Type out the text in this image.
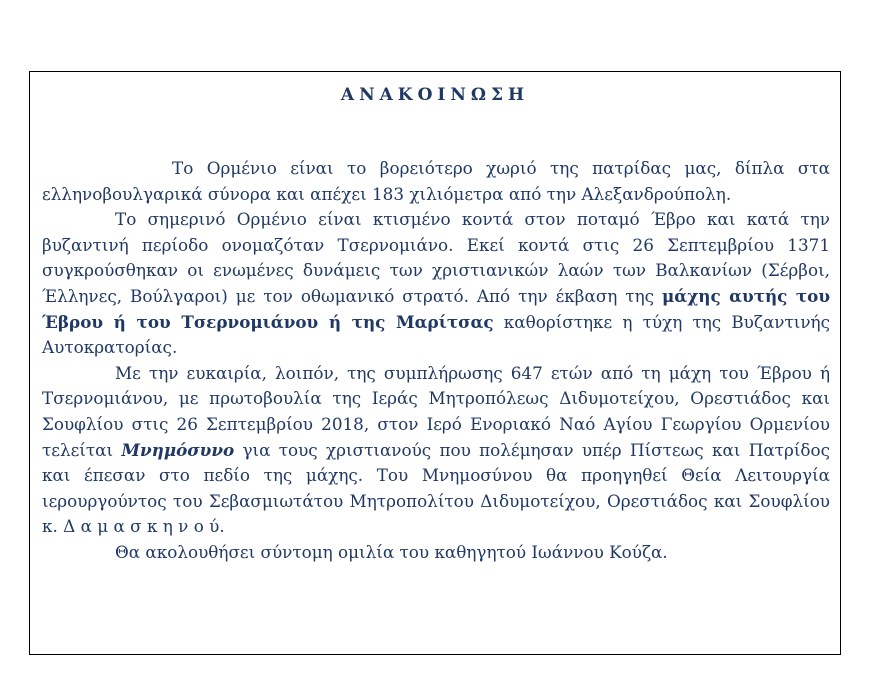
ΑΝΑΚΟΙΝΩΣΗ

Το Ορμένιο είναι το βορειότερο χωριό της πατρίδας μας, δίπλα στα ελληνοβουλγαρικά σύνορα και απέχει 183 χιλιόμετρα από την Αλεξανδρούπολη.

Το σημερινό Ορμένιο είναι κτισμένο κοντά στον ποταμό Έβρο και κατά την βυζαντινή περίοδο ονομαζόταν Τσερνομιάνο. Εκεί κοντά στις 26 Σεπτεμβρίου 1371 συγκρούσθηκαν οι ενωμένες δυνάμεις των χριστιανικών λαών των Βαλκανίων (Σέρβοι, Έλληνες, Βούλγαροι) με τον οθωμανικό στρατό. Από την έκβαση της μάχης αυτής του Έβρου ή του Τσερνομιάνου ή της Μαρίτσας καθορίστηκε η τύχη της Βυζαντινής Αυτοκρατορίας.

Με την ευκαιρία, λοιπόν, της συμπλήρωσης 647 ετών από τη μάχη του Έβρου ή Τσερνομιάνου, με πρωτοβουλία της Ιεράς Μητροπόλεως Διδυμοτείχου, Ορεστιάδος και Σουφλίου στις 26 Σεπτεμβρίου 2018, στον Ιερό Ενοριακό Ναό Αγίου Γεωργίου Ορμενίου τελείται Μνημόσυνο για τους χριστιανούς που πολέμησαν υπέρ Πίστεως και Πατρίδος και έπεσαν στο πεδίο της μάχης. Του Μνημοσύνου θα προηγηθεί Θεία Λειτουργία ιερουργούντος του Σεβασμιωτάτου Μητροπολίτου Διδυμοτείχου, Ορεστιάδος και Σουφλίου κ. Δ α μ α σ κ η ν ο ύ.

Θα ακολουθήσει σύντομη ομιλία του καθηγητού Ιωάννου Κούζα.
